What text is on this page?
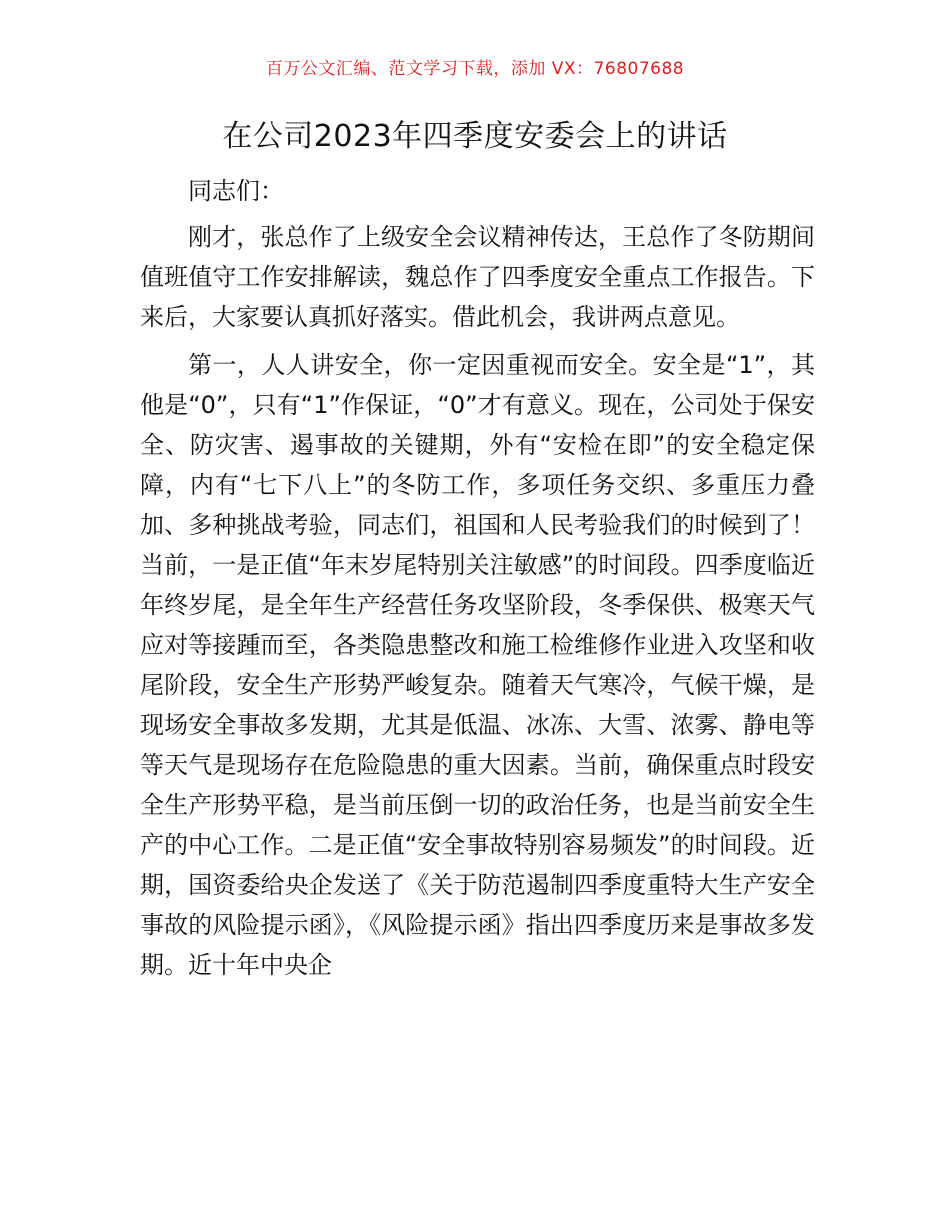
百万公文汇编、范文学习下载，添加 VX：76807688
在公司2023年四季度安委会上的讲话

同志们：

刚才，张总作了上级安全会议精神传达，王总作了冬防期间值班值守工作安排解读，魏总作了四季度安全重点工作报告。下来后，大家要认真抓好落实。借此机会，我讲两点意见。

第一，人人讲安全，你一定因重视而安全。安全是“1”，其他是“0”，只有“1”作保证，“0”才有意义。现在，公司处于保安全、防灾害、遏事故的关键期，外有“安检在即”的安全稳定保障，内有“七下八上”的冬防工作，多项任务交织、多重压力叠加、多种挑战考验，同志们，祖国和人民考验我们的时候到了！当前，一是正值“年末岁尾特别关注敏感”的时间段。四季度临近年终岁尾，是全年生产经营任务攻坚阶段，冬季保供、极寒天气应对等接踵而至，各类隐患整改和施工检维修作业进入攻坚和收尾阶段，安全生产形势严峻复杂。随着天气寒冷，气候干燥，是现场安全事故多发期，尤其是低温、冰冻、大雪、浓雾、静电等等天气是现场存在危险隐患的重大因素。当前，确保重点时段安全生产形势平稳，是当前压倒一切的政治任务，也是当前安全生产的中心工作。二是正值“安全事故特别容易频发”的时间段。近期，国资委给央企发送了《关于防范遏制四季度重特大生产安全事故的风险提示函》，《风险提示函》指出四季度历来是事故多发期。近十年中央企
